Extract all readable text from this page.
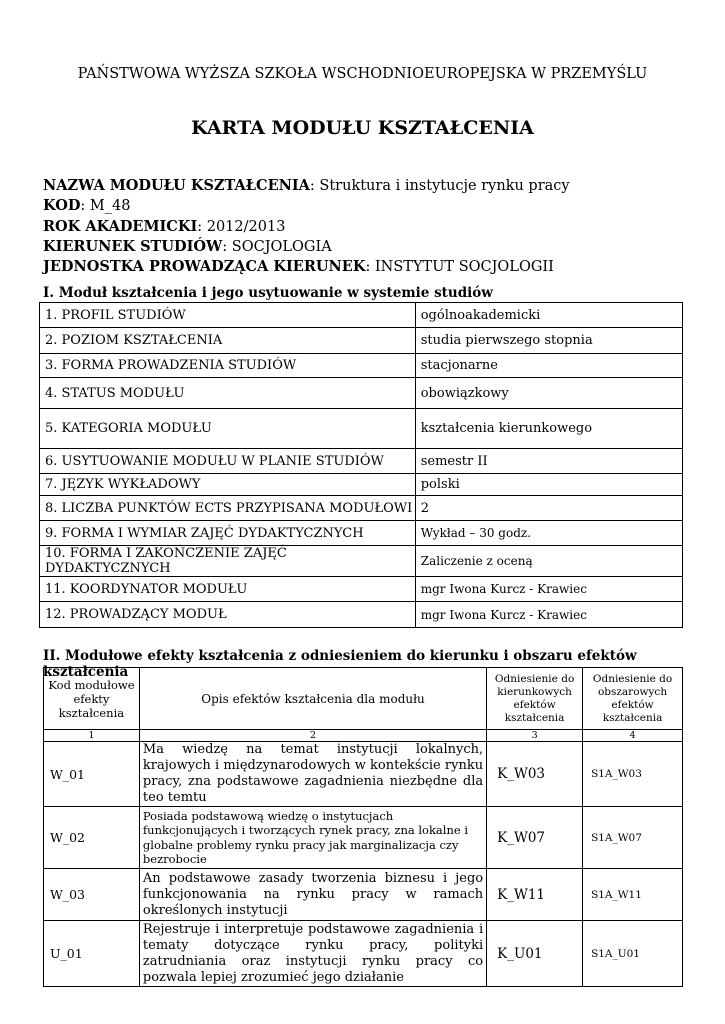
PAŃSTWOWA WYŻSZA SZKOŁA WSCHODNIOEUROPEJSKA W PRZEMYŚLU
KARTA MODUŁU KSZTAŁCENIA
NAZWA MODUŁU KSZTAŁCENIA: Struktura i instytucje rynku pracy
KOD: M_48
ROK AKADEMICKI: 2012/2013
KIERUNEK STUDIÓW: SOCJOLOGIA
JEDNOSTKA PROWADZĄCA KIERUNEK: INSTYTUT SOCJOLOGII
I. Moduł kształcenia i jego usytuowanie w systemie studiów
1. PROFIL STUDIÓW	ogólnoakademicki
2. POZIOM KSZTAŁCENIA	studia pierwszego stopnia
3. FORMA PROWADZENIA STUDIÓW	stacjonarne
4. STATUS MODUŁU	obowiązkowy
5. KATEGORIA MODUŁU	kształcenia kierunkowego
6. USYTUOWANIE MODUŁU W PLANIE STUDIÓW	semestr II
7. JĘZYK WYKŁADOWY	polski
8. LICZBA PUNKTÓW ECTS PRZYPISANA MODUŁOWI	2
9. FORMA I WYMIAR ZAJĘĆ DYDAKTYCZNYCH	Wykład – 30 godz.
10. FORMA I ZAKOŃCZENIE ZAJĘĆ DYDAKTYCZNYCH	Zaliczenie z oceną
11. KOORDYNATOR MODUŁU	mgr Iwona Kurcz - Krawiec
12. PROWADZĄCY MODUŁ	mgr Iwona Kurcz - Krawiec
II. Modułowe efekty kształcenia z odniesieniem do kierunku i obszaru efektów kształcenia
Kod modułowe efekty kształcenia	Opis efektów kształcenia dla modułu	Odniesienie do kierunkowych efektów kształcenia	Odniesienie do obszarowych efektów kształcenia
1	2	3	4
W_01	Ma wiedzę na temat instytucji lokalnych, krajowych i międzynarodowych w kontekście rynku pracy, zna podstawowe zagadnienia niezbędne dla teo temtu	K_W03	S1A_W03
W_02	Posiada podstawową wiedzę o instytucjach funkcjonujących i tworzących rynek pracy, zna lokalne i globalne problemy rynku pracy jak marginalizacja czy bezrobocie	K_W07	S1A_W07
W_03	An podstawowe zasady tworzenia biznesu i jego funkcjonowania na rynku pracy w ramach określonych instytucji	K_W11	S1A_W11
U_01	Rejestruje i interpretuje podstawowe zagadnienia i tematy dotyczące rynku pracy, polityki zatrudniania oraz instytucji rynku pracy co pozwala lepiej zrozumieć jego działanie	K_U01	S1A_U01
